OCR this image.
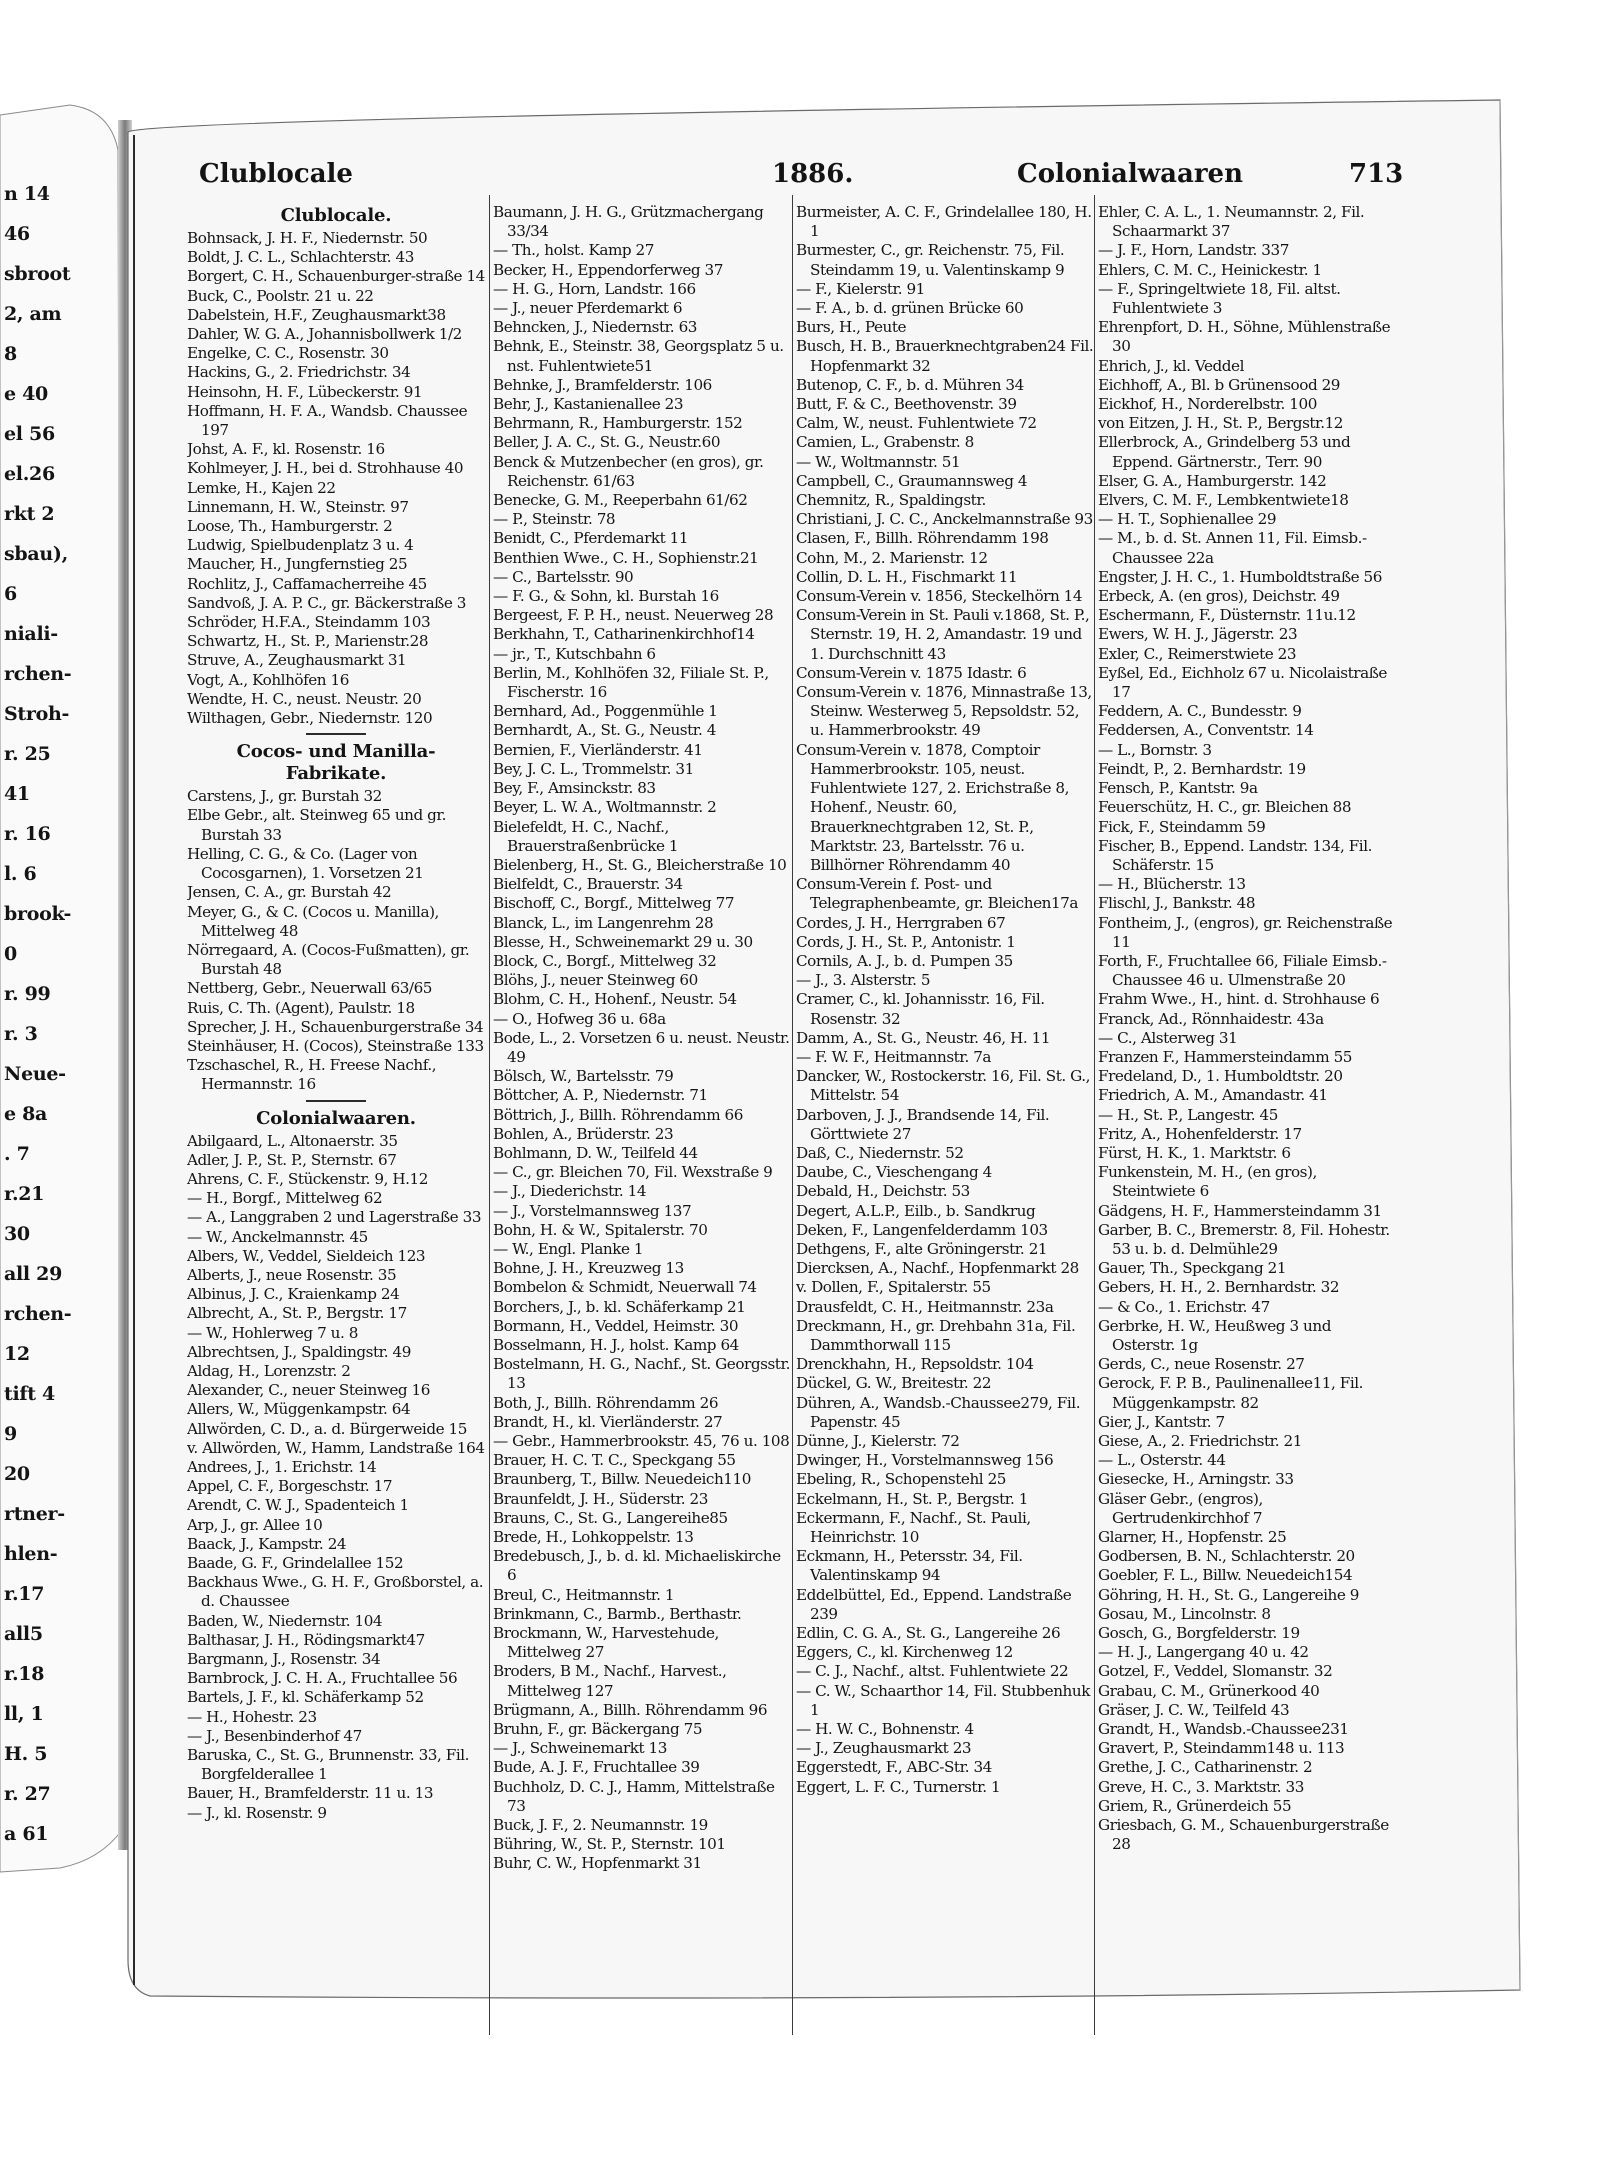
n 14
46
sbroot
2, am
8
e 40
el 56
el.26
rkt 2
sbau),
6
niali-
rchen-
Stroh-
r. 25
41
r. 16
l. 6
brook-
0
r. 99
r. 3
Neue-
e 8a
. 7
r.21
30
all 29
rchen-
12
tift 4
9
20
rtner-
hlen-
r.17
all5
r.18
ll, 1
H. 5
r. 27
a 61
Clublocale	1886.	Colonialwaaren	713
Clublocale.
Bohnsack, J. H. F., Niedernstr. 50
Boldt, J. C. L., Schlachterstr. 43
Borgert, C. H., Schauenburger-straße 14
Buck, C., Poolstr. 21 u. 22
Dabelstein, H.F., Zeughausmarkt38
Dahler, W. G. A., Johannisbollwerk 1/2
Engelke, C. C., Rosenstr. 30
Hackins, G., 2. Friedrichstr. 34
Heinsohn, H. F., Lübeckerstr. 91
Hoffmann, H. F. A., Wandsb. Chaussee 197
Johst, A. F., kl. Rosenstr. 16
Kohlmeyer, J. H., bei d. Strohhause 40
Lemke, H., Kajen 22
Linnemann, H. W., Steinstr. 97
Loose, Th., Hamburgerstr. 2
Ludwig, Spielbudenplatz 3 u. 4
Maucher, H., Jungfernstieg 25
Rochlitz, J., Caffamacherreihe 45
Sandvoß, J. A. P. C., gr. Bäckerstraße 3
Schröder, H.F.A., Steindamm 103
Schwartz, H., St. P., Marienstr.28
Struve, A., Zeughausmarkt 31
Vogt, A., Kohlhöfen 16
Wendte, H. C., neust. Neustr. 20
Wilthagen, Gebr., Niedernstr. 120
Cocos- und Manilla-Fabrikate.
Carstens, J., gr. Burstah 32
Elbe Gebr., alt. Steinweg 65 und gr. Burstah 33
Helling, C. G., & Co. (Lager von Cocosgarnen), 1. Vorsetzen 21
Jensen, C. A., gr. Burstah 42
Meyer, G., & C. (Cocos u. Manilla), Mittelweg 48
Nörregaard, A. (Cocos-Fußmatten), gr. Burstah 48
Nettberg, Gebr., Neuerwall 63/65
Ruis, C. Th. (Agent), Paulstr. 18
Sprecher, J. H., Schauenburgerstraße 34
Steinhäuser, H. (Cocos), Steinstraße 133
Tzschaschel, R., H. Freese Nachf., Hermannstr. 16
Colonialwaaren.
Abilgaard, L., Altonaerstr. 35
Adler, J. P., St. P., Sternstr. 67
Ahrens, C. F., Stückenstr. 9, H.12
— H., Borgf., Mittelweg 62
— A., Langgraben 2 und Lagerstraße 33
— W., Anckelmannstr. 45
Albers, W., Veddel, Sieldeich 123
Alberts, J., neue Rosenstr. 35
Albinus, J. C., Kraienkamp 24
Albrecht, A., St. P., Bergstr. 17
— W., Hohlerweg 7 u. 8
Albrechtsen, J., Spaldingstr. 49
Aldag, H., Lorenzstr. 2
Alexander, C., neuer Steinweg 16
Allers, W., Müggenkampstr. 64
Allwörden, C. D., a. d. Bürgerweide 15
v. Allwörden, W., Hamm, Landstraße 164
Andrees, J., 1. Erichstr. 14
Appel, C. F., Borgeschstr. 17
Arendt, C. W. J., Spadenteich 1
Arp, J., gr. Allee 10
Baack, J., Kampstr. 24
Baade, G. F., Grindelallee 152
Backhaus Wwe., G. H. F., Großborstel, a. d. Chaussee
Baden, W., Niedernstr. 104
Balthasar, J. H., Rödingsmarkt47
Bargmann, J., Rosenstr. 34
Barnbrock, J. C. H. A., Fruchtallee 56
Bartels, J. F., kl. Schäferkamp 52
— H., Hohestr. 23
— J., Besenbinderhof 47
Baruska, C., St. G., Brunnenstr. 33, Fil. Borgfelderallee 1
Bauer, H., Bramfelderstr. 11 u. 13
— J., kl. Rosenstr. 9
Baumann, J. H. G., Grützmachergang 33/34
— Th., holst. Kamp 27
Becker, H., Eppendorferweg 37
— H. G., Horn, Landstr. 166
— J., neuer Pferdemarkt 6
Behncken, J., Niedernstr. 63
Behnk, E., Steinstr. 38, Georgsplatz 5 u. nst. Fuhlentwiete51
Behnke, J., Bramfelderstr. 106
Behr, J., Kastanienallee 23
Behrmann, R., Hamburgerstr. 152
Beller, J. A. C., St. G., Neustr.60
Benck & Mutzenbecher (en gros), gr. Reichenstr. 61/63
Benecke, G. M., Reeperbahn 61/62
— P., Steinstr. 78
Benidt, C., Pferdemarkt 11
Benthien Wwe., C. H., Sophienstr.21
— C., Bartelsstr. 90
— F. G., & Sohn, kl. Burstah 16
Bergeest, F. P. H., neust. Neuerweg 28
Berkhahn, T., Catharinenkirchhof14
— jr., T., Kutschbahn 6
Berlin, M., Kohlhöfen 32, Filiale St. P., Fischerstr. 16
Bernhard, Ad., Poggenmühle 1
Bernhardt, A., St. G., Neustr. 4
Bernien, F., Vierländerstr. 41
Bey, J. C. L., Trommelstr. 31
Bey, F., Amsinckstr. 83
Beyer, L. W. A., Woltmannstr. 2
Bielefeldt, H. C., Nachf., Brauerstraßenbrücke 1
Bielenberg, H., St. G., Bleicherstraße 10
Bielfeldt, C., Brauerstr. 34
Bischoff, C., Borgf., Mittelweg 77
Blanck, L., im Langenrehm 28
Blesse, H., Schweinemarkt 29 u. 30
Block, C., Borgf., Mittelweg 32
Blöhs, J., neuer Steinweg 60
Blohm, C. H., Hohenf., Neustr. 54
— O., Hofweg 36 u. 68a
Bode, L., 2. Vorsetzen 6 u. neust. Neustr. 49
Bölsch, W., Bartelsstr. 79
Böttcher, A. P., Niedernstr. 71
Böttrich, J., Billh. Röhrendamm 66
Bohlen, A., Brüderstr. 23
Bohlmann, D. W., Teilfeld 44
— C., gr. Bleichen 70, Fil. Wexstraße 9
— J., Diederichstr. 14
— J., Vorstelmannsweg 137
Bohn, H. & W., Spitalerstr. 70
— W., Engl. Planke 1
Bohne, J. H., Kreuzweg 13
Bombelon & Schmidt, Neuerwall 74
Borchers, J., b. kl. Schäferkamp 21
Bormann, H., Veddel, Heimstr. 30
Bosselmann, H. J., holst. Kamp 64
Bostelmann, H. G., Nachf., St. Georgsstr. 13
Both, J., Billh. Röhrendamm 26
Brandt, H., kl. Vierländerstr. 27
— Gebr., Hammerbrookstr. 45, 76 u. 108
Brauer, H. C. T. C., Speckgang 55
Braunberg, T., Billw. Neuedeich110
Braunfeldt, J. H., Süderstr. 23
Brauns, C., St. G., Langereihe85
Brede, H., Lohkoppelstr. 13
Bredebusch, J., b. d. kl. Michaeliskirche 6
Breul, C., Heitmannstr. 1
Brinkmann, C., Barmb., Berthastr.
Brockmann, W., Harvestehude, Mittelweg 27
Broders, B M., Nachf., Harvest., Mittelweg 127
Brügmann, A., Billh. Röhrendamm 96
Bruhn, F., gr. Bäckergang 75
— J., Schweinemarkt 13
Bude, A. J. F., Fruchtallee 39
Buchholz, D. C. J., Hamm, Mittelstraße 73
Buck, J. F., 2. Neumannstr. 19
Bühring, W., St. P., Sternstr. 101
Buhr, C. W., Hopfenmarkt 31
Burmeister, A. C. F., Grindelallee 180, H. 1
Burmester, C., gr. Reichenstr. 75, Fil. Steindamm 19, u. Valentinskamp 9
— F., Kielerstr. 91
— F. A., b. d. grünen Brücke 60
Burs, H., Peute
Busch, H. B., Brauerknechtgraben24 Fil. Hopfenmarkt 32
Butenop, C. F., b. d. Mühren 34
Butt, F. & C., Beethovenstr. 39
Calm, W., neust. Fuhlentwiete 72
Camien, L., Grabenstr. 8
— W., Woltmannstr. 51
Campbell, C., Graumannsweg 4
Chemnitz, R., Spaldingstr.
Christiani, J. C. C., Anckelmannstraße 93
Clasen, F., Billh. Röhrendamm 198
Cohn, M., 2. Marienstr. 12
Collin, D. L. H., Fischmarkt 11
Consum-Verein v. 1856, Steckelhörn 14
Consum-Verein in St. Pauli v.1868, St. P., Sternstr. 19, H. 2, Amandastr. 19 und 1. Durchschnitt 43
Consum-Verein v. 1875 Idastr. 6
Consum-Verein v. 1876, Minnastraße 13, Steinw. Westerweg 5, Repsoldstr. 52, u. Hammerbrookstr. 49
Consum-Verein v. 1878, Comptoir Hammerbrookstr. 105, neust. Fuhlentwiete 127, 2. Erichstraße 8, Hohenf., Neustr. 60, Brauerknechtgraben 12, St. P., Marktstr. 23, Bartelsstr. 76 u. Billhörner Röhrendamm 40
Consum-Verein f. Post- und Telegraphenbeamte, gr. Bleichen17a
Cordes, J. H., Herrgraben 67
Cords, J. H., St. P., Antonistr. 1
Cornils, A. J., b. d. Pumpen 35
— J., 3. Alsterstr. 5
Cramer, C., kl. Johannisstr. 16, Fil. Rosenstr. 32
Damm, A., St. G., Neustr. 46, H. 11
— F. W. F., Heitmannstr. 7a
Dancker, W., Rostockerstr. 16, Fil. St. G., Mittelstr. 54
Darboven, J. J., Brandsende 14, Fil. Görttwiete 27
Daß, C., Niedernstr. 52
Daube, C., Vieschengang 4
Debald, H., Deichstr. 53
Degert, A.L.P., Eilb., b. Sandkrug
Deken, F., Langenfelderdamm 103
Dethgens, F., alte Gröningerstr. 21
Diercksen, A., Nachf., Hopfenmarkt 28
v. Dollen, F., Spitalerstr. 55
Drausfeldt, C. H., Heitmannstr. 23a
Dreckmann, H., gr. Drehbahn 31a, Fil. Dammthorwall 115
Drenckhahn, H., Repsoldstr. 104
Dückel, G. W., Breitestr. 22
Dühren, A., Wandsb.-Chaussee279, Fil. Papenstr. 45
Dünne, J., Kielerstr. 72
Dwinger, H., Vorstelmannsweg 156
Ebeling, R., Schopenstehl 25
Eckelmann, H., St. P., Bergstr. 1
Eckermann, F., Nachf., St. Pauli, Heinrichstr. 10
Eckmann, H., Petersstr. 34, Fil. Valentinskamp 94
Eddelbüttel, Ed., Eppend. Landstraße 239
Edlin, C. G. A., St. G., Langereihe 26
Eggers, C., kl. Kirchenweg 12
— C. J., Nachf., altst. Fuhlentwiete 22
— C. W., Schaarthor 14, Fil. Stubbenhuk 1
— H. W. C., Bohnenstr. 4
— J., Zeughausmarkt 23
Eggerstedt, F., ABC-Str. 34
Eggert, L. F. C., Turnerstr. 1
Ehler, C. A. L., 1. Neumannstr. 2, Fil. Schaarmarkt 37
— J. F., Horn, Landstr. 337
Ehlers, C. M. C., Heinickestr. 1
— F., Springeltwiete 18, Fil. altst. Fuhlentwiete 3
Ehrenpfort, D. H., Söhne, Mühlenstraße 30
Ehrich, J., kl. Veddel
Eichhoff, A., Bl. b Grünensood 29
Eickhof, H., Norderelbstr. 100
von Eitzen, J. H., St. P., Bergstr.12
Ellerbrock, A., Grindelberg 53 und Eppend. Gärtnerstr., Terr. 90
Elser, G. A., Hamburgerstr. 142
Elvers, C. M. F., Lembkentwiete18
— H. T., Sophienallee 29
— M., b. d. St. Annen 11, Fil. Eimsb.-Chaussee 22a
Engster, J. H. C., 1. Humboldtstraße 56
Erbeck, A. (en gros), Deichstr. 49
Eschermann, F., Düsternstr. 11u.12
Ewers, W. H. J., Jägerstr. 23
Exler, C., Reimerstwiete 23
Eyßel, Ed., Eichholz 67 u. Nicolaistraße 17
Feddern, A. C., Bundesstr. 9
Feddersen, A., Conventstr. 14
— L., Bornstr. 3
Feindt, P., 2. Bernhardstr. 19
Fensch, P., Kantstr. 9a
Feuerschütz, H. C., gr. Bleichen 88
Fick, F., Steindamm 59
Fischer, B., Eppend. Landstr. 134, Fil. Schäferstr. 15
— H., Blücherstr. 13
Flischl, J., Bankstr. 48
Fontheim, J., (engros), gr. Reichenstraße 11
Forth, F., Fruchtallee 66, Filiale Eimsb.-Chaussee 46 u. Ulmenstraße 20
Frahm Wwe., H., hint. d. Strohhause 6
Franck, Ad., Rönnhaidestr. 43a
— C., Alsterweg 31
Franzen F., Hammersteindamm 55
Fredeland, D., 1. Humboldtstr. 20
Friedrich, A. M., Amandastr. 41
— H., St. P., Langestr. 45
Fritz, A., Hohenfelderstr. 17
Fürst, H. K., 1. Marktstr. 6
Funkenstein, M. H., (en gros), Steintwiete 6
Gädgens, H. F., Hammersteindamm 31
Garber, B. C., Bremerstr. 8, Fil. Hohestr. 53 u. b. d. Delmühle29
Gauer, Th., Speckgang 21
Gebers, H. H., 2. Bernhardstr. 32
— & Co., 1. Erichstr. 47
Gerbrke, H. W., Heußweg 3 und Osterstr. 1g
Gerds, C., neue Rosenstr. 27
Gerock, F. P. B., Paulinenallee11, Fil. Müggenkampstr. 82
Gier, J., Kantstr. 7
Giese, A., 2. Friedrichstr. 21
— L., Osterstr. 44
Giesecke, H., Arningstr. 33
Gläser Gebr., (engros), Gertrudenkirchhof 7
Glarner, H., Hopfenstr. 25
Godbersen, B. N., Schlachterstr. 20
Goebler, F. L., Billw. Neuedeich154
Göhring, H. H., St. G., Langereihe 9
Gosau, M., Lincolnstr. 8
Gosch, G., Borgfelderstr. 19
— H. J., Langergang 40 u. 42
Gotzel, F., Veddel, Slomanstr. 32
Grabau, C. M., Grünerkood 40
Gräser, J. C. W., Teilfeld 43
Grandt, H., Wandsb.-Chaussee231
Gravert, P., Steindamm148 u. 113
Grethe, J. C., Catharinenstr. 2
Greve, H. C., 3. Marktstr. 33
Griem, R., Grünerdeich 55
Griesbach, G. M., Schauenburgerstraße 28
